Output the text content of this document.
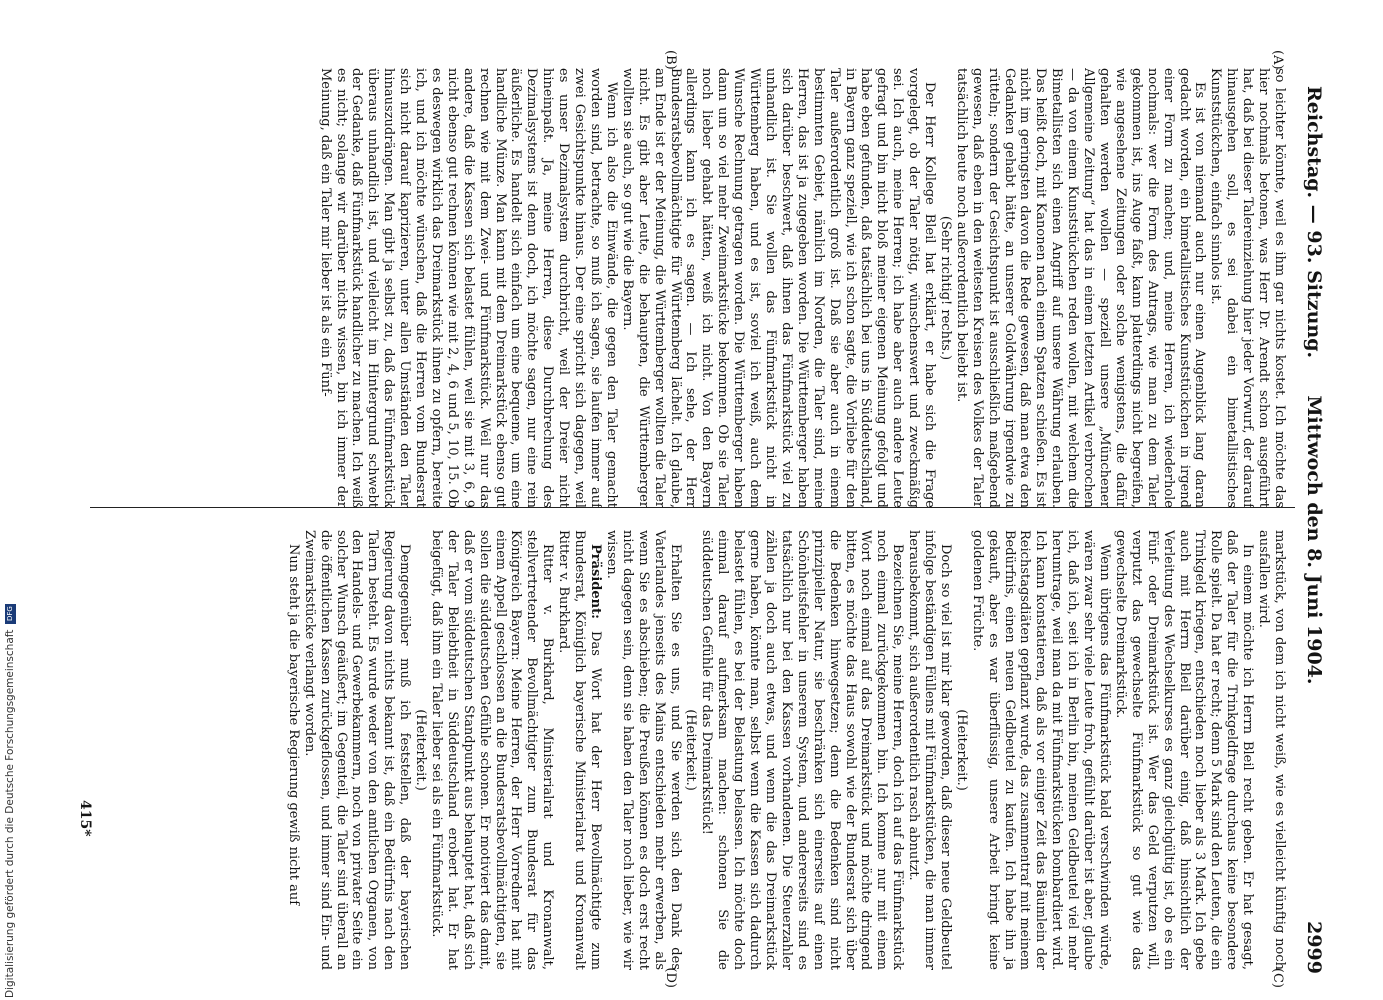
Reichstag. — 93. Sitzung.
Mittwoch den 8. Juni 1904.
2999
(A)
(B)
(C)
(D)

so leichter könnte, weil es ihm gar nichts kostet. Ich möchte das hier nochmals betonen, was Herr Dr. Arendt schon ausgeführt hat, daß bei dieser Talereinziehung hier jeder Vorwurf, der darauf hinausgehen soll, es sei dabei ein bimetallistisches Kunststückchen, einfach sinnlos ist.

Es ist von niemand auch nur einen Augenblick lang daran gedacht worden, ein bimetallistisches Kunststückchen in irgend einer Form zu machen; und, meine Herren, ich wiederhole nochmals: wer die Form des Antrags, wie man zu dem Taler gekommen ist, ins Auge faßt, kann platterdings nicht begreifen, wie angesehene Zeitungen oder solche wenigstens, die dafür gehalten werden wollen — speziell unsere „Münchener Allgemeine Zeitung“ hat das in einem letzten Artikel verbrochen — da von einem Kunststückchen reden wollen, mit welchem die Bimetallisten sich einen Angriff auf unsere Währung erlauben. Das heißt doch, mit Kanonen nach einem Spatzen schießen. Es ist nicht im geringsten davon die Rede gewesen, daß man etwa den Gedanken gehabt hätte, an unserer Goldwährung irgendwie zu rütteln; sondern der Gesichtspunkt ist ausschließlich maßgebend gewesen, daß eben in den weitesten Kreisen des Volkes der Taler tatsächlich heute noch außerordentlich beliebt ist.

(Sehr richtig! rechts.)

Der Herr Kollege Bleil hat erklärt, er habe sich die Frage vorgelegt, ob der Taler nötig, wünschenswert und zweckmäßig sei. Ich auch, meine Herren; ich habe aber auch andere Leute gefragt und bin nicht bloß meiner eigenen Meinung gefolgt und habe eben gefunden, daß tatsächlich bei uns in Süddeutschland, in Bayern ganz speziell, wie ich schon sagte, die Vorliebe für den Taler außerordentlich groß ist. Daß sie aber auch in einem bestimmten Gebiet, nämlich im Norden, die Taler sind, meine Herren, das ist ja zugegeben worden. Die Württemberger haben sich darüber beschwert, daß ihnen das Fünfmarkstück viel zu unhandlich ist. Sie wollen das Fünfmarkstück nicht in Württemberg haben, und es ist, soviel ich weiß, auch dem Wunsche Rechnung getragen worden. Die Württemberger haben dann um so viel mehr Zweimarkstücke bekommen. Ob sie Taler noch lieber gehabt hätten, weiß ich nicht. Von den Bayern allerdings kann ich es sagen. — Ich sehe, der Herr Bundesratsbevollmächtigte für Württemberg lächelt. Ich glaube, am Ende ist er der Meinung, die Württemberger wollten die Taler nicht. Es gibt aber Leute, die behaupten, die Württemberger wollten sie auch, so gut wie die Bayern.

Wenn ich also die Einwände, die gegen den Taler gemacht worden sind, betrachte, so muß ich sagen, sie laufen immer auf zwei Gesichtspunkte hinaus. Der eine spricht sich dagegen, weil es unser Dezimalsystem durchbricht, weil der Dreier nicht hineinpaßt. Ja, meine Herren, diese Durchbrechung des Dezimalsystems ist denn doch, ich möchte sagen, nur eine rein äußerliche. Es handelt sich einfach um eine bequeme, um eine handliche Münze. Man kann mit dem Dreimarkstück ebenso gut rechnen wie mit dem Zwei- und Fünfmarkstück. Weil nur das andere, daß die Kassen sich belastet fühlen, weil sie mit 3, 6, 9 nicht ebenso gut rechnen können wie mit 2, 4, 6 und 5, 10, 15. Ob es deswegen wirklich das Dreimarkstück ihnen zu opfern, bereite ich, und ich möchte wünschen, daß die Herren vom Bundesrat sich nicht darauf kaprizieren, unter allen Umständen den Taler hinauszudrängen. Man gibt ja selbst zu, daß das Fünfmarkstück überaus unhandlich ist, und vielleicht im Hintergrund schwebt der Gedanke, daß Fünfmarkstück handlicher zu machen. Ich weiß es nicht; solange wir darüber nichts wissen, bin ich immer der Meinung, daß ein Taler mir lieber ist als ein Fünf-

markstück, von dem ich nicht weiß, wie es vielleicht künftig noch ausfallen wird.

In einem möchte ich Herrn Bleil recht geben. Er hat gesagt, daß der Taler für die Trinkgeldfrage durchaus keine besondere Rolle spielt. Da hat er recht; denn 5 Mark sind den Leuten, die ein Trinkgeld kriegen, entschieden noch lieber als 3 Mark. Ich gebe auch mit Herrn Bleil darüber einig, daß hinsichtlich der Verleitung des Wechselkurses es ganz gleichgültig ist, ob es ein Fünf- oder Dreimarkstück ist. Wer das Geld verputzen will, verputzt das gewechselte Fünfmarkstück so gut wie das gewechselte Dreimarkstück.

Wenn übrigens das Fünfmarkstück bald verschwinden würde, wären zwar sehr viele Leute froh, gefühlt darüber ist aber, glaube ich, daß ich, seit ich in Berlin bin, meinen Geldbeutel viel mehr herumtrage, weil man da mit Fünfmarkstücken bombardiert wird. Ich kann konstatieren, daß als vor einiger Zeit das Bäumlein der Reichstagsdiäten gepflanzt wurde, das zusammentraf mit meinem Bedürfnis, einen neuen Geldbeutel zu kaufen. Ich habe ihn ja gekauft, aber es war überflüssig, unsere Arbeit bringt keine goldenen Früchte.

(Heiterkeit.)

Doch so viel ist mir klar geworden, daß dieser neue Geldbeutel infolge beständigen Füllens mit Fünfmarkstücken, die man immer herausbekommt, sich außerordentlich rasch abnutzt.

Bezeichnen Sie, meine Herren, doch ich auf das Fünfmarkstück noch einmal zurückgekommen bin. Ich komme nur mit einem Wort noch einmal auf das Dreimarkstück und möchte dringend bitten, es möchte das Haus sowohl wie der Bundesrat sich über die Bedenken hinwegsetzen; denn die Bedenken sind nicht prinzipieller Natur, sie beschränken sich einerseits auf einen Schönheitsfehler in unserem System, und andererseits sind es tatsächlich nur bei den Kassen vorhandenen. Die Steuerzahler zählen ja doch auch etwas, und wenn die das Dreimarkstück gerne haben, könnte man, selbst wenn die Kassen sich dadurch belastet fühlen, es bei der Belastung belassen. Ich möchte doch einmal darauf aufmerksam machen: schonen Sie die süddeutschen Gefühle für das Dreimarkstück!

(Heiterkeit.)

Erhalten Sie es uns, und Sie werden sich den Dank des Vaterlandes jenseits des Mains entschieden mehr erwerben, als wenn Sie es abschieben; die Preußen können es doch erst recht nicht dagegen sein, denn sie haben den Taler noch lieber, wie wir wissen.

Präsident: Das Wort hat der Herr Bevollmächtigte zum Bundesrat, Königlich bayerische Ministerialrat und Kronanwalt Ritter v. Burkhard.

Ritter v. Burkhard, Ministerialrat und Kronanwalt, stellvertretender Bevollmächtigter zum Bundesrat für das Königreich Bayern: Meine Herren, der Herr Vorredner hat mit einem Appell geschlossen an die Bundesratsbevollmächtigten, sie sollen die süddeutschen Gefühle schonen. Er motiviert das damit, daß er vom süddeutschen Standpunkt aus behauptet hat, daß sich der Taler Beliebtheit in Süddeutschland erobert hat. Er hat beigefügt, daß ihm ein Taler lieber sei als ein Fünfmarkstück.

(Heiterkeit.)

Demgegenüber muß ich feststellen, daß der bayerischen Regierung davon nichts bekannt ist, daß ein Bedürfnis nach den Talern besteht. Es wurde weder von den amtlichen Organen, von den Handels- und Gewerbekammern, noch von privater Seite ein solcher Wunsch geäußert; im Gegenteil, die Taler sind überall an die öffentlichen Kassen zurückgeflossen, und immer sind Ein- und Zweimarkstücke verlangt worden.

Nun steht ja die bayerische Regierung gewiß nicht auf

415*
Digitalisierung gefördert durch die Deutsche Forschungsgemeinschaft
DFG
